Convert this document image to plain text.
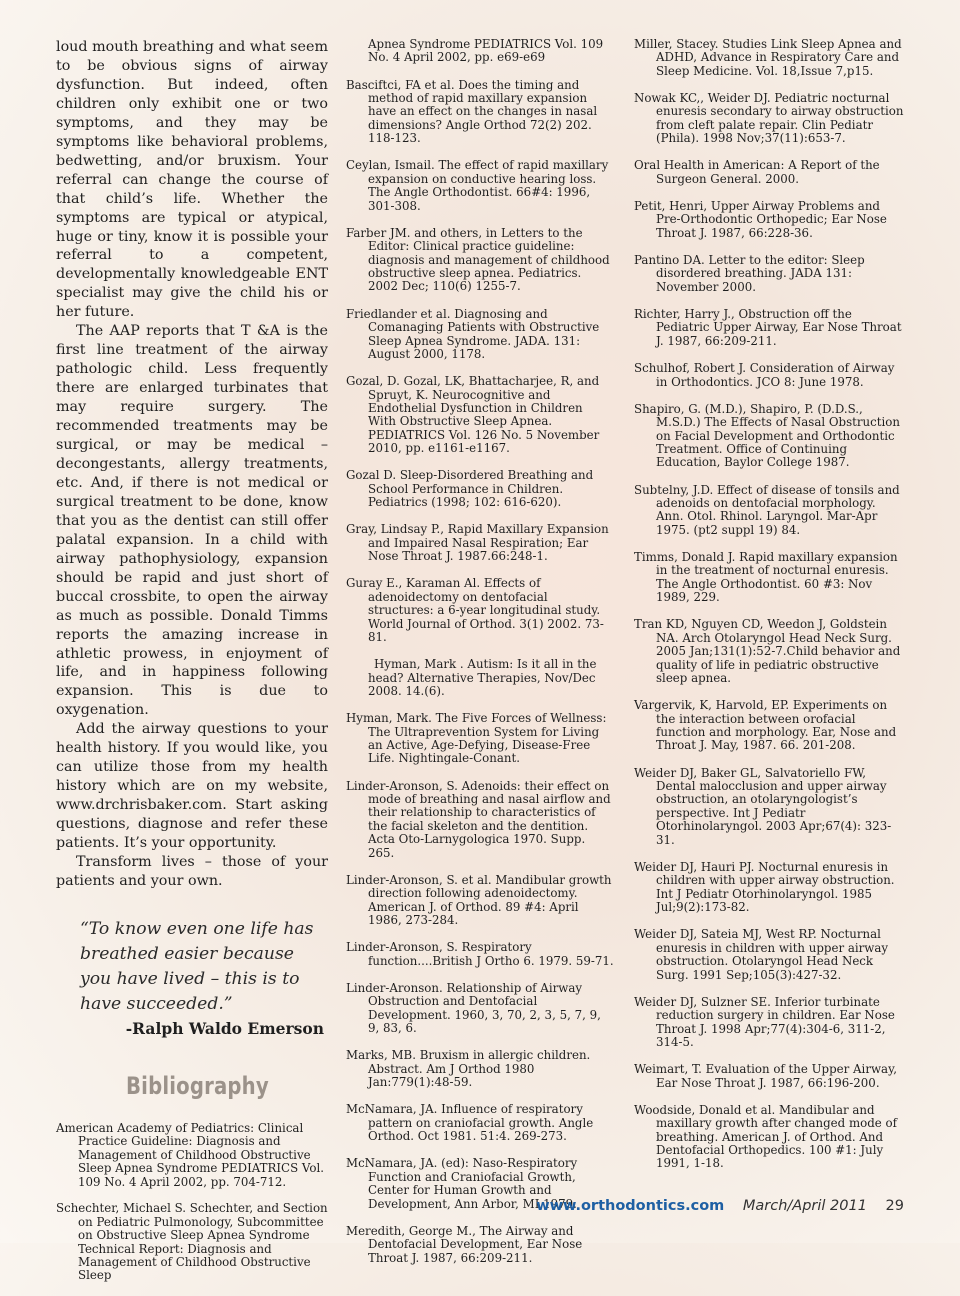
loud mouth breathing and what seem to be obvious signs of airway dysfunction. But indeed, often children only exhibit one or two symptoms, and they may be symptoms like behavioral problems, bedwetting, and/or bruxism. Your referral can change the course of that child’s life. Whether the symptoms are typical or atypical, huge or tiny, know it is possible your referral to a competent, developmentally knowledgeable ENT specialist may give the child his or her future.

The AAP reports that T &A is the first line treatment of the airway pathologic child. Less frequently there are enlarged turbinates that may require surgery. The recommended treatments may be surgical, or may be medical – decongestants, allergy treatments, etc. And, if there is not medical or surgical treatment to be done, know that you as the dentist can still offer palatal expansion. In a child with airway pathophysiology, expansion should be rapid and just short of buccal crossbite, to open the airway as much as possible. Donald Timms reports the amazing increase in athletic prowess, in enjoyment of life, and in happiness following expansion. This is due to oxygenation.

Add the airway questions to your health history. If you would like, you can utilize those from my health history which are on my website, www.drchrisbaker.com. Start asking questions, diagnose and refer these patients. It’s your opportunity.

Transform lives – those of your patients and your own.

“To know even one life has breathed easier because you have lived – this is to have succeeded.”
-Ralph Waldo Emerson
Bibliography
American Academy of Pediatrics: Clinical Practice Guideline: Diagnosis and Management of Childhood Obstructive Sleep Apnea Syndrome PEDIATRICS Vol. 109 No. 4 April 2002, pp. 704-712.
Schechter, Michael S. Schechter, and Section on Pediatric Pulmonology, Subcommittee on Obstructive Sleep Apnea Syndrome Technical Report: Diagnosis and Management of Childhood Obstructive Sleep
Apnea Syndrome PEDIATRICS Vol. 109 No. 4 April 2002, pp. e69-e69
Basciftci, FA et al. Does the timing and method of rapid maxillary expansion have an effect on the changes in nasal dimensions? Angle Orthod 72(2) 202. 118-123.
Ceylan, Ismail. The effect of rapid maxillary expansion on conductive hearing loss. The Angle Orthodontist. 66#4: 1996, 301-308.
Farber JM. and others, in Letters to the Editor: Clinical practice guideline: diagnosis and management of childhood obstructive sleep apnea. Pediatrics. 2002 Dec; 110(6) 1255-7.
Friedlander et al. Diagnosing and Comanaging Patients with Obstructive Sleep Apnea Syndrome. JADA. 131: August 2000, 1178.
Gozal, D. Gozal, LK, Bhattacharjee, R, and Spruyt, K. Neurocognitive and Endothelial Dysfunction in Children With Obstructive Sleep Apnea. PEDIATRICS Vol. 126 No. 5 November 2010, pp. e1161-e1167.
Gozal D. Sleep-Disordered Breathing and School Performance in Children. Pediatrics (1998; 102: 616-620).
Gray, Lindsay P., Rapid Maxillary Expansion and Impaired Nasal Respiration; Ear Nose Throat J. 1987.66:248-1.
Guray E., Karaman Al. Effects of adenoidectomy on dentofacial structures: a 6-year longitudinal study. World Journal of Orthod. 3(1) 2002. 73-81.
Hyman, Mark . Autism: Is it all in the head? Alternative Therapies, Nov/Dec 2008. 14.(6).
Hyman, Mark. The Five Forces of Wellness: The Ultraprevention System for Living an Active, Age-Defying, Disease-Free Life. Nightingale-Conant.
Linder-Aronson, S. Adenoids: their effect on mode of breathing and nasal airflow and their relationship to characteristics of the facial skeleton and the dentition. Acta Oto-Larnygologica 1970. Supp. 265.
Linder-Aronson, S. et al. Mandibular growth direction following adenoidectomy. American J. of Orthod. 89 #4: April 1986, 273-284.
Linder-Aronson, S. Respiratory function....British J Ortho 6. 1979. 59-71.
Linder-Aronson. Relationship of Airway Obstruction and Dentofacial Development. 1960, 3, 70, 2, 3, 5, 7, 9, 9, 83, 6.
Marks, MB. Bruxism in allergic children. Abstract. Am J Orthod 1980 Jan:779(1):48-59.
McNamara, JA. Influence of respiratory pattern on craniofacial growth. Angle Orthod. Oct 1981. 51:4. 269-273.
McNamara, JA. (ed): Naso-Respiratory Function and Craniofacial Growth, Center for Human Growth and Development, Ann Arbor, MI 1979.
Meredith, George M., The Airway and Dentofacial Development, Ear Nose Throat J. 1987, 66:209-211.
Miller, Stacey. Studies Link Sleep Apnea and ADHD, Advance in Respiratory Care and Sleep Medicine. Vol. 18,Issue 7,p15.
Nowak KC,, Weider DJ. Pediatric nocturnal enuresis secondary to airway obstruction from cleft palate repair. Clin Pediatr (Phila). 1998 Nov;37(11):653-7.
Oral Health in American: A Report of the Surgeon General. 2000.
Petit, Henri, Upper Airway Problems and Pre-Orthodontic Orthopedic; Ear Nose Throat J. 1987, 66:228-36.
Pantino DA. Letter to the editor: Sleep disordered breathing. JADA 131: November 2000.
Richter, Harry J., Obstruction off the Pediatric Upper Airway, Ear Nose Throat J. 1987, 66:209-211.
Schulhof, Robert J. Consideration of Airway in Orthodontics. JCO 8: June 1978.
Shapiro, G. (M.D.), Shapiro, P. (D.D.S., M.S.D.) The Effects of Nasal Obstruction on Facial Development and Orthodontic Treatment. Office of Continuing Education, Baylor College 1987.
Subtelny, J.D. Effect of disease of tonsils and adenoids on dentofacial morphology. Ann. Otol. Rhinol. Laryngol. Mar-Apr 1975. (pt2 suppl 19) 84.
Timms, Donald J. Rapid maxillary expansion in the treatment of nocturnal enuresis. The Angle Orthodontist. 60 #3: Nov 1989, 229.
Tran KD, Nguyen CD, Weedon J, Goldstein NA. Arch Otolaryngol Head Neck Surg. 2005 Jan;131(1):52-7.Child behavior and quality of life in pediatric obstructive sleep apnea.
Vargervik, K, Harvold, EP. Experiments on the interaction between orofacial function and morphology. Ear, Nose and Throat J. May, 1987. 66. 201-208.
Weider DJ, Baker GL, Salvatoriello FW, Dental malocclusion and upper airway obstruction, an otolaryngologist’s perspective. Int J Pediatr Otorhinolaryngol. 2003 Apr;67(4): 323-31.
Weider DJ, Hauri PJ. Nocturnal enuresis in children with upper airway obstruction. Int J Pediatr Otorhinolaryngol. 1985 Jul;9(2):173-82.
Weider DJ, Sateia MJ, West RP. Nocturnal enuresis in children with upper airway obstruction. Otolaryngol Head Neck Surg. 1991 Sep;105(3):427-32.
Weider DJ, Sulzner SE. Inferior turbinate reduction surgery in children. Ear Nose Throat J. 1998 Apr;77(4):304-6, 311-2, 314-5.
Weimart, T. Evaluation of the Upper Airway, Ear Nose Throat J. 1987, 66:196-200.
Woodside, Donald et al. Mandibular and maxillary growth after changed mode of breathing. American J. of Orthod. And Dentofacial Orthopedics. 100 #1: July 1991, 1-18.
www.orthodontics.com March/April 2011 29
